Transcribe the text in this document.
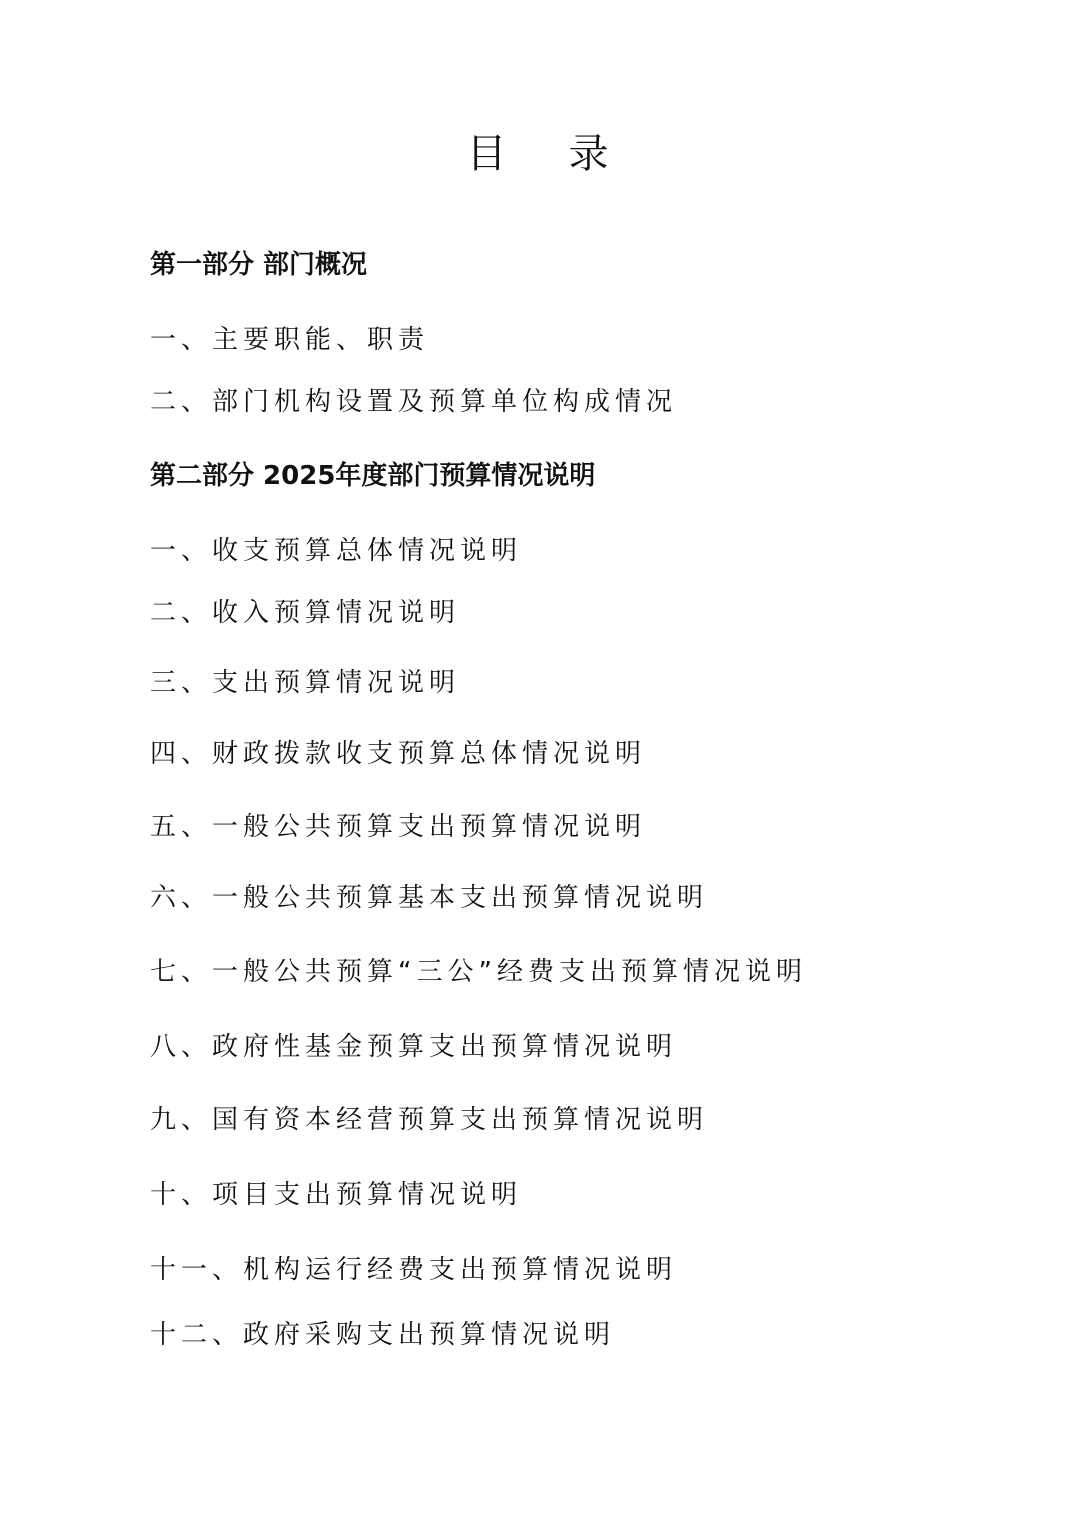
目录
第一部分 部门概况
一、主要职能、职责
二、部门机构设置及预算单位构成情况
第二部分 2025年度部门预算情况说明
一、收支预算总体情况说明
二、收入预算情况说明
三、支出预算情况说明
四、财政拨款收支预算总体情况说明
五、一般公共预算支出预算情况说明
六、一般公共预算基本支出预算情况说明
七、一般公共预算“三公”经费支出预算情况说明
八、政府性基金预算支出预算情况说明
九、国有资本经营预算支出预算情况说明
十、项目支出预算情况说明
十一、机构运行经费支出预算情况说明
十二、政府采购支出预算情况说明
